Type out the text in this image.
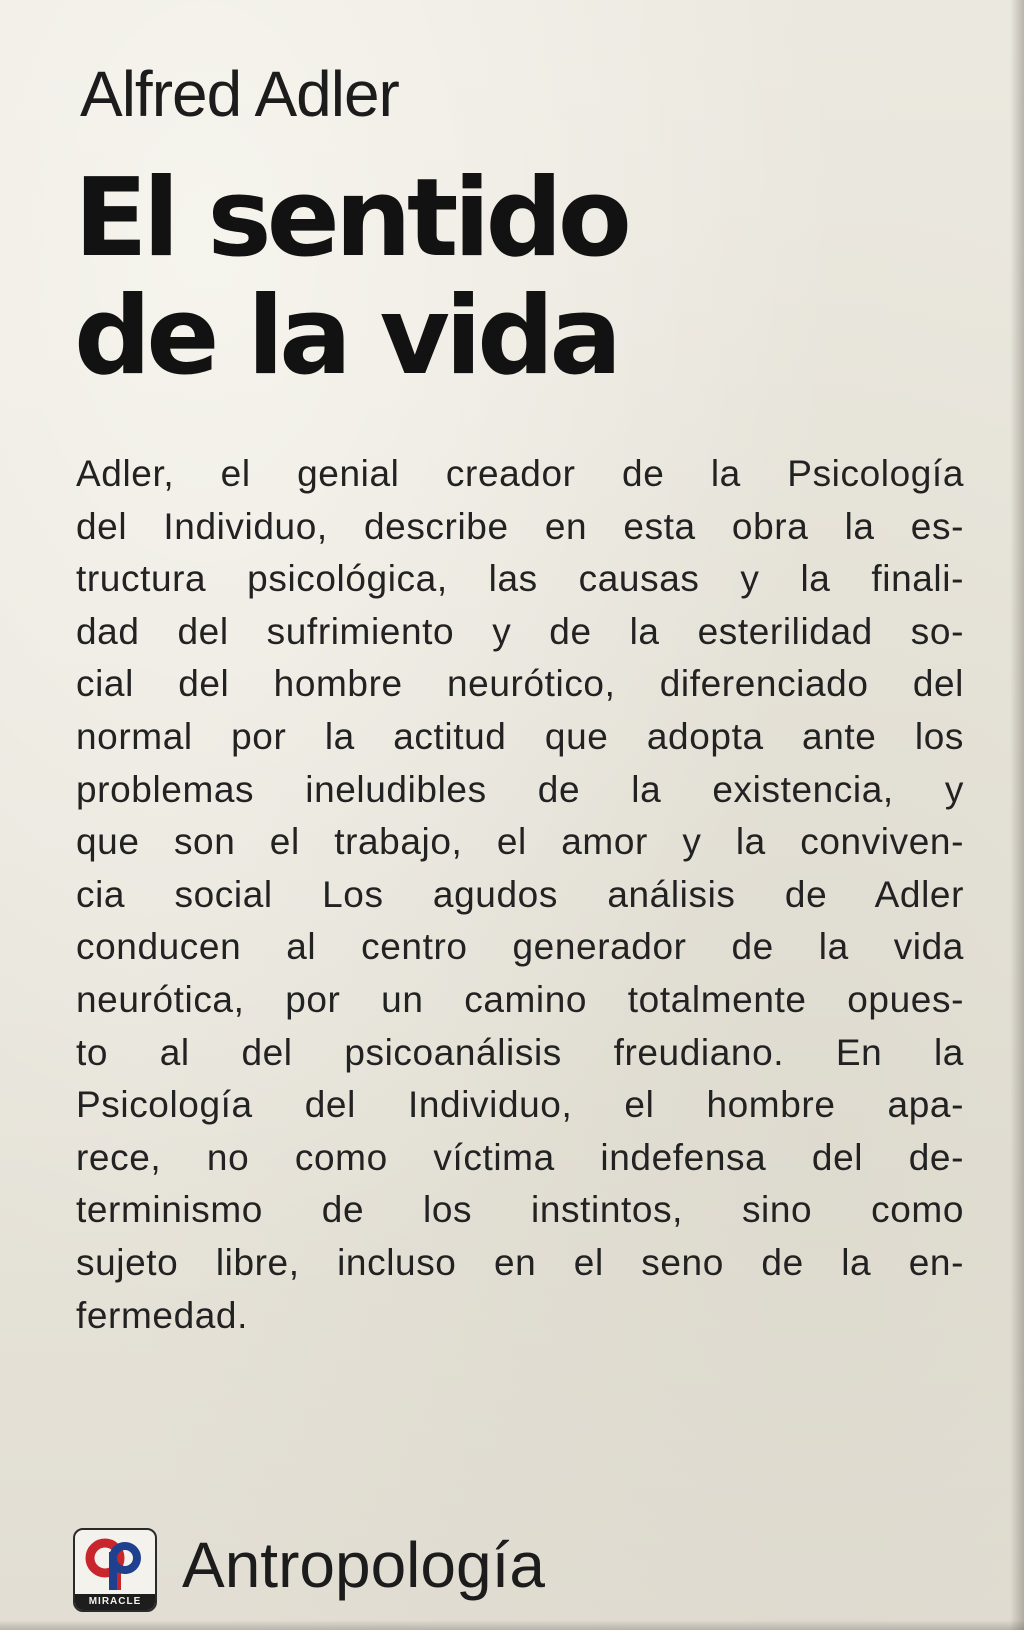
Alfred Adler
El sentido
de la vida

Adler, el genial creador de la Psicología
del Individuo, describe en esta obra la es-
tructura psicológica, las causas y la finali-
dad del sufrimiento y de la esterilidad so-
cial del hombre neurótico, diferenciado del
normal por la actitud que adopta ante los
problemas ineludibles de la existencia, y
que son el trabajo, el amor y la conviven-
cia social Los agudos análisis de Adler
conducen al centro generador de la vida
neurótica, por un camino totalmente opues-
to al del psicoanálisis freudiano. En la
Psicología del Individuo, el hombre apa-
rece, no como víctima indefensa del de-
terminismo de los instintos, sino como
sujeto libre, incluso en el seno de la en-
fermedad.

MIRACLE
Antropología
